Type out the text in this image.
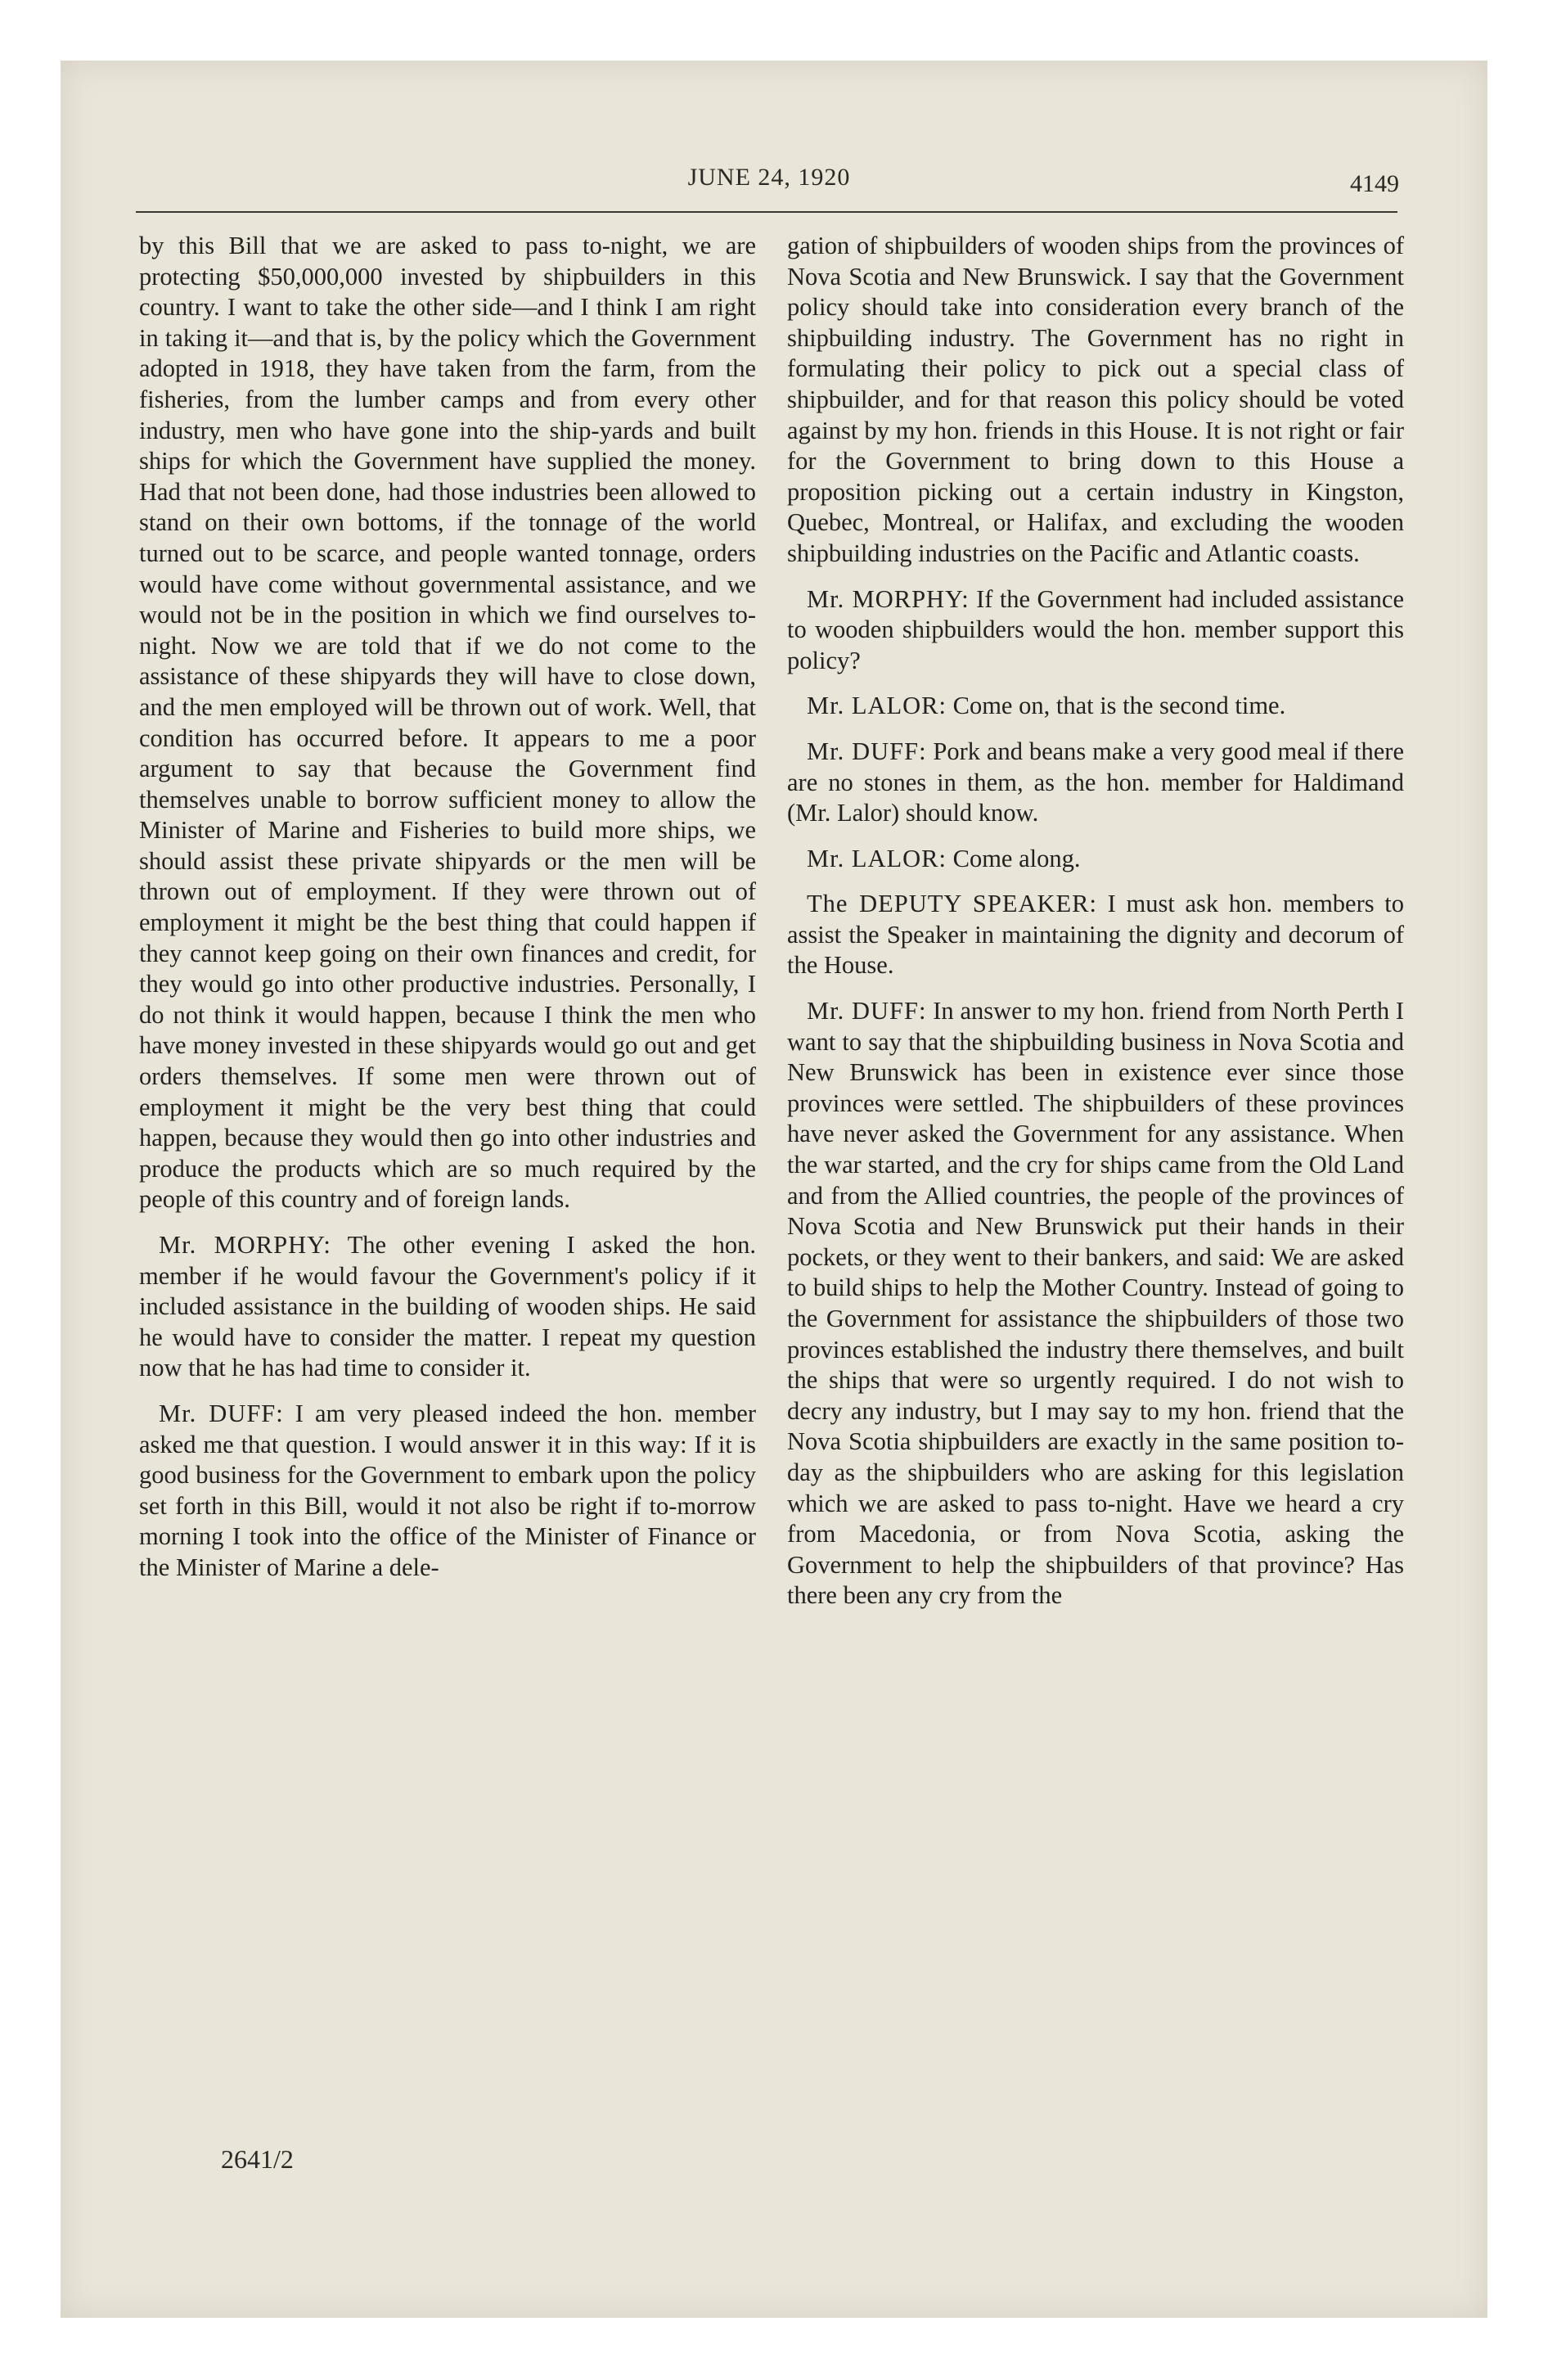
JUNE 24, 1920	4149

by this Bill that we are asked to pass to-night, we are protecting $50,000,000 invested by shipbuilders in this country. I want to take the other side—and I think I am right in taking it—and that is, by the policy which the Government adopted in 1918, they have taken from the farm, from the fisheries, from the lumber camps and from every other industry, men who have gone into the ship-yards and built ships for which the Government have supplied the money. Had that not been done, had those industries been allowed to stand on their own bottoms, if the tonnage of the world turned out to be scarce, and people wanted tonnage, orders would have come without governmental assistance, and we would not be in the position in which we find ourselves to-night. Now we are told that if we do not come to the assistance of these shipyards they will have to close down, and the men employed will be thrown out of work. Well, that condition has occurred before. It appears to me a poor argument to say that because the Government find themselves unable to borrow sufficient money to allow the Minister of Marine and Fisheries to build more ships, we should assist these private shipyards or the men will be thrown out of employment. If they were thrown out of employment it might be the best thing that could happen if they cannot keep going on their own finances and credit, for they would go into other productive industries. Personally, I do not think it would happen, because I think the men who have money invested in these shipyards would go out and get orders themselves. If some men were thrown out of employment it might be the very best thing that could happen, because they would then go into other industries and produce the products which are so much required by the people of this country and of foreign lands.

Mr. MORPHY: The other evening I asked the hon. member if he would favour the Government's policy if it included assistance in the building of wooden ships. He said he would have to consider the matter. I repeat my question now that he has had time to consider it.

Mr. DUFF: I am very pleased indeed the hon. member asked me that question. I would answer it in this way: If it is good business for the Government to embark upon the policy set forth in this Bill, would it not also be right if to-morrow morning I took into the office of the Minister of Finance or the Minister of Marine a dele-

gation of shipbuilders of wooden ships from the provinces of Nova Scotia and New Brunswick. I say that the Government policy should take into consideration every branch of the shipbuilding industry. The Government has no right in formulating their policy to pick out a special class of shipbuilder, and for that reason this policy should be voted against by my hon. friends in this House. It is not right or fair for the Government to bring down to this House a proposition picking out a certain industry in Kingston, Quebec, Montreal, or Halifax, and excluding the wooden shipbuilding industries on the Pacific and Atlantic coasts.

Mr. MORPHY: If the Government had included assistance to wooden shipbuilders would the hon. member support this policy?

Mr. LALOR: Come on, that is the second time.

Mr. DUFF: Pork and beans make a very good meal if there are no stones in them, as the hon. member for Haldimand (Mr. Lalor) should know.

Mr. LALOR: Come along.

The DEPUTY SPEAKER: I must ask hon. members to assist the Speaker in maintaining the dignity and decorum of the House.

Mr. DUFF: In answer to my hon. friend from North Perth I want to say that the shipbuilding business in Nova Scotia and New Brunswick has been in existence ever since those provinces were settled. The shipbuilders of these provinces have never asked the Government for any assistance. When the war started, and the cry for ships came from the Old Land and from the Allied countries, the people of the provinces of Nova Scotia and New Brunswick put their hands in their pockets, or they went to their bankers, and said: We are asked to build ships to help the Mother Country. Instead of going to the Government for assistance the shipbuilders of those two provinces established the industry there themselves, and built the ships that were so urgently required. I do not wish to decry any industry, but I may say to my hon. friend that the Nova Scotia shipbuilders are exactly in the same position to-day as the shipbuilders who are asking for this legislation which we are asked to pass to-night. Have we heard a cry from Macedonia, or from Nova Scotia, asking the Government to help the shipbuilders of that province? Has there been any cry from the

2641/2
